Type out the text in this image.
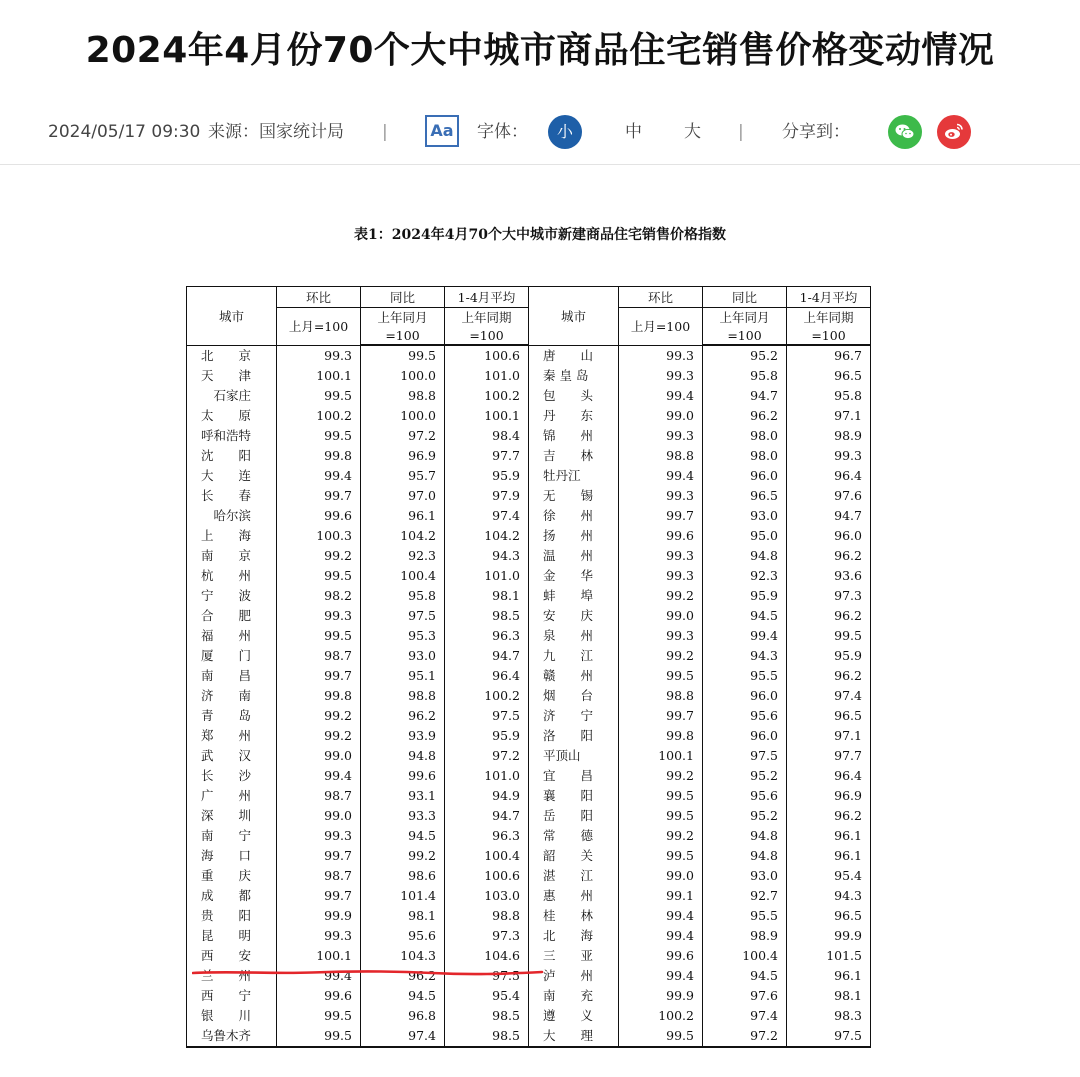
2024年4月份70个大中城市商品住宅销售价格变动情况
2024/05/17 09:30 来源：国家统计局 |	Aa	字体：	小	中 大 | 分享到：
表1：2024年4月70个大中城市新建商品住宅销售价格指数
城市	环比	同比	1-4月平均	城市	环比	同比	1-4月平均
	上月=100	上年同月	上年同期		上月=100	上年同月	上年同期
		=100	=100			=100	=100
北　　京	99.3	99.5	100.6	唐　　山	99.3	95.2	96.7
天　　津	100.1	100.0	101.0	秦 皇 岛	99.3	95.8	96.5
　石家庄	99.5	98.8	100.2	包　　头	99.4	94.7	95.8
太　　原	100.2	100.0	100.1	丹　　东	99.0	96.2	97.1
呼和浩特	99.5	97.2	98.4	锦　　州	99.3	98.0	98.9
沈　　阳	99.8	96.9	97.7	吉　　林	98.8	98.0	99.3
大　　连	99.4	95.7	95.9	牡丹江	99.4	96.0	96.4
长　　春	99.7	97.0	97.9	无　　锡	99.3	96.5	97.6
　哈尔滨	99.6	96.1	97.4	徐　　州	99.7	93.0	94.7
上　　海	100.3	104.2	104.2	扬　　州	99.6	95.0	96.0
南　　京	99.2	92.3	94.3	温　　州	99.3	94.8	96.2
杭　　州	99.5	100.4	101.0	金　　华	99.3	92.3	93.6
宁　　波	98.2	95.8	98.1	蚌　　埠	99.2	95.9	97.3
合　　肥	99.3	97.5	98.5	安　　庆	99.0	94.5	96.2
福　　州	99.5	95.3	96.3	泉　　州	99.3	99.4	99.5
厦　　门	98.7	93.0	94.7	九　　江	99.2	94.3	95.9
南　　昌	99.7	95.1	96.4	赣　　州	99.5	95.5	96.2
济　　南	99.8	98.8	100.2	烟　　台	98.8	96.0	97.4
青　　岛	99.2	96.2	97.5	济　　宁	99.7	95.6	96.5
郑　　州	99.2	93.9	95.9	洛　　阳	99.8	96.0	97.1
武　　汉	99.0	94.8	97.2	平顶山	100.1	97.5	97.7
长　　沙	99.4	99.6	101.0	宜　　昌	99.2	95.2	96.4
广　　州	98.7	93.1	94.9	襄　　阳	99.5	95.6	96.9
深　　圳	99.0	93.3	94.7	岳　　阳	99.5	95.2	96.2
南　　宁	99.3	94.5	96.3	常　　德	99.2	94.8	96.1
海　　口	99.7	99.2	100.4	韶　　关	99.5	94.8	96.1
重　　庆	98.7	98.6	100.6	湛　　江	99.0	93.0	95.4
成　　都	99.7	101.4	103.0	惠　　州	99.1	92.7	94.3
贵　　阳	99.9	98.1	98.8	桂　　林	99.4	95.5	96.5
昆　　明	99.3	95.6	97.3	北　　海	99.4	98.9	99.9
西　　安	100.1	104.3	104.6	三　　亚	99.6	100.4	101.5
兰　　州	99.4	96.2	97.5	泸　　州	99.4	94.5	96.1
西　　宁	99.6	94.5	95.4	南　　充	99.9	97.6	98.1
银　　川	99.5	96.8	98.5	遵　　义	100.2	97.4	98.3
乌鲁木齐	99.5	97.4	98.5	大　　理	99.5	97.2	97.5
